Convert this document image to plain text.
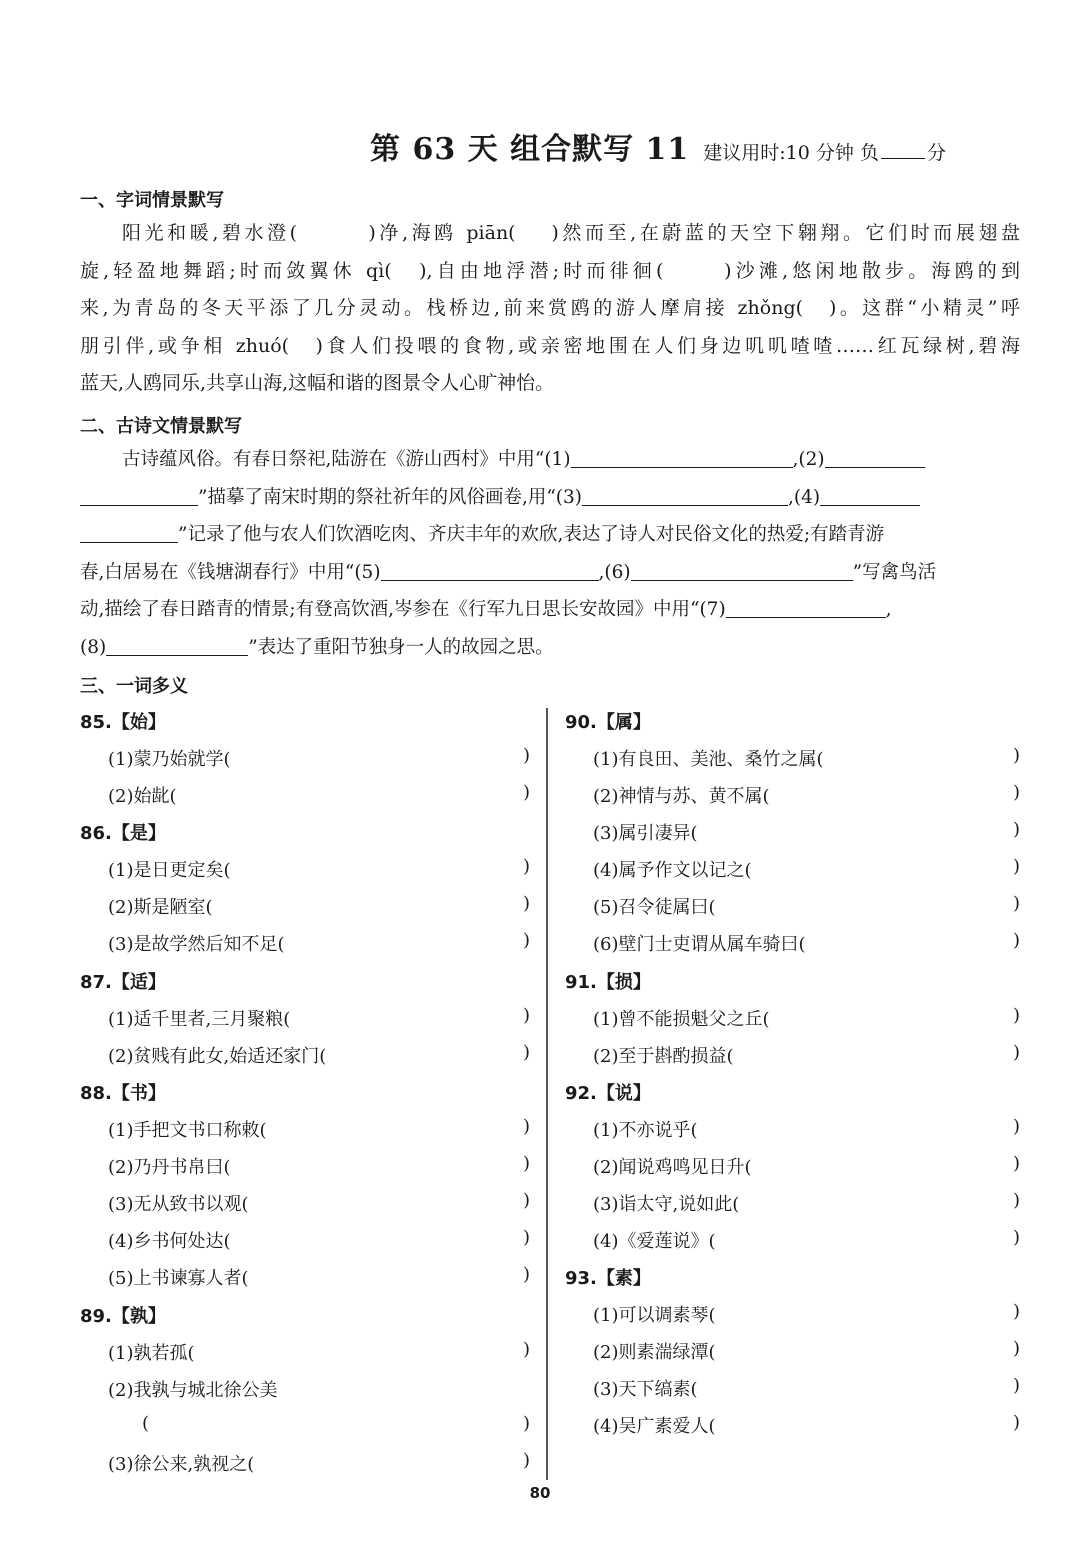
第 63 天 组合默写 11 建议用时:10 分钟 负	分
一、字词情景默写
阳光和暖,碧水澄(　　　)净,海鸥 piān(　 )然而至,在蔚蓝的天空下翱翔。它们时而展翅盘
旋,轻盈地舞蹈;时而敛翼休 qì(　),自由地浮潜;时而徘徊(　　 )沙滩,悠闲地散步。海鸥的到
来,为青岛的冬天平添了几分灵动。栈桥边,前来赏鸥的游人摩肩接 zhǒng(　)。这群“小精灵”呼
朋引伴,或争相 zhuó(　)食人们投喂的食物,或亲密地围在人们身边叽叽喳喳……红瓦绿树,碧海
蓝天,人鸥同乐,共享山海,这幅和谐的图景令人心旷神怡。
二、古诗文情景默写
古诗蕴风俗。有春日祭祀,陆游在《游山西村》中用“(1)	,(2)
”描摹了南宋时期的祭社祈年的风俗画卷,用“(3)	,(4)
”记录了他与农人们饮酒吃肉、齐庆丰年的欢欣,表达了诗人对民俗文化的热爱;有踏青游
春,白居易在《钱塘湖春行》中用“(5)	,(6)	”写禽鸟活
动,描绘了春日踏青的情景;有登高饮酒,岑参在《行军九日思长安故园》中用“(7)	,
(8)	”表达了重阳节独身一人的故园之思。
三、一词多义
85.【始】
(1)蒙乃始就学(	)
(2)始龀(	)
86.【是】
(1)是日更定矣(	)
(2)斯是陋室(	)
(3)是故学然后知不足(	)
87.【适】
(1)适千里者,三月聚粮(	)
(2)贫贱有此女,始适还家门(	)
88.【书】
(1)手把文书口称敕(	)
(2)乃丹书帛曰(	)
(3)无从致书以观(	)
(4)乡书何处达(	)
(5)上书谏寡人者(	)
89.【孰】
(1)孰若孤(	)
(2)我孰与城北徐公美
(	)
(3)徐公来,孰视之(	)
90.【属】
(1)有良田、美池、桑竹之属(	)
(2)神情与苏、黄不属(	)
(3)属引凄异(	)
(4)属予作文以记之(	)
(5)召令徒属曰(	)
(6)壁门士吏谓从属车骑曰(	)
91.【损】
(1)曾不能损魁父之丘(	)
(2)至于斟酌损益(	)
92.【说】
(1)不亦说乎(	)
(2)闻说鸡鸣见日升(	)
(3)诣太守,说如此(	)
(4)《爱莲说》(	)
93.【素】
(1)可以调素琴(	)
(2)则素湍绿潭(	)
(3)天下缟素(	)
(4)吴广素爱人(	)
80
